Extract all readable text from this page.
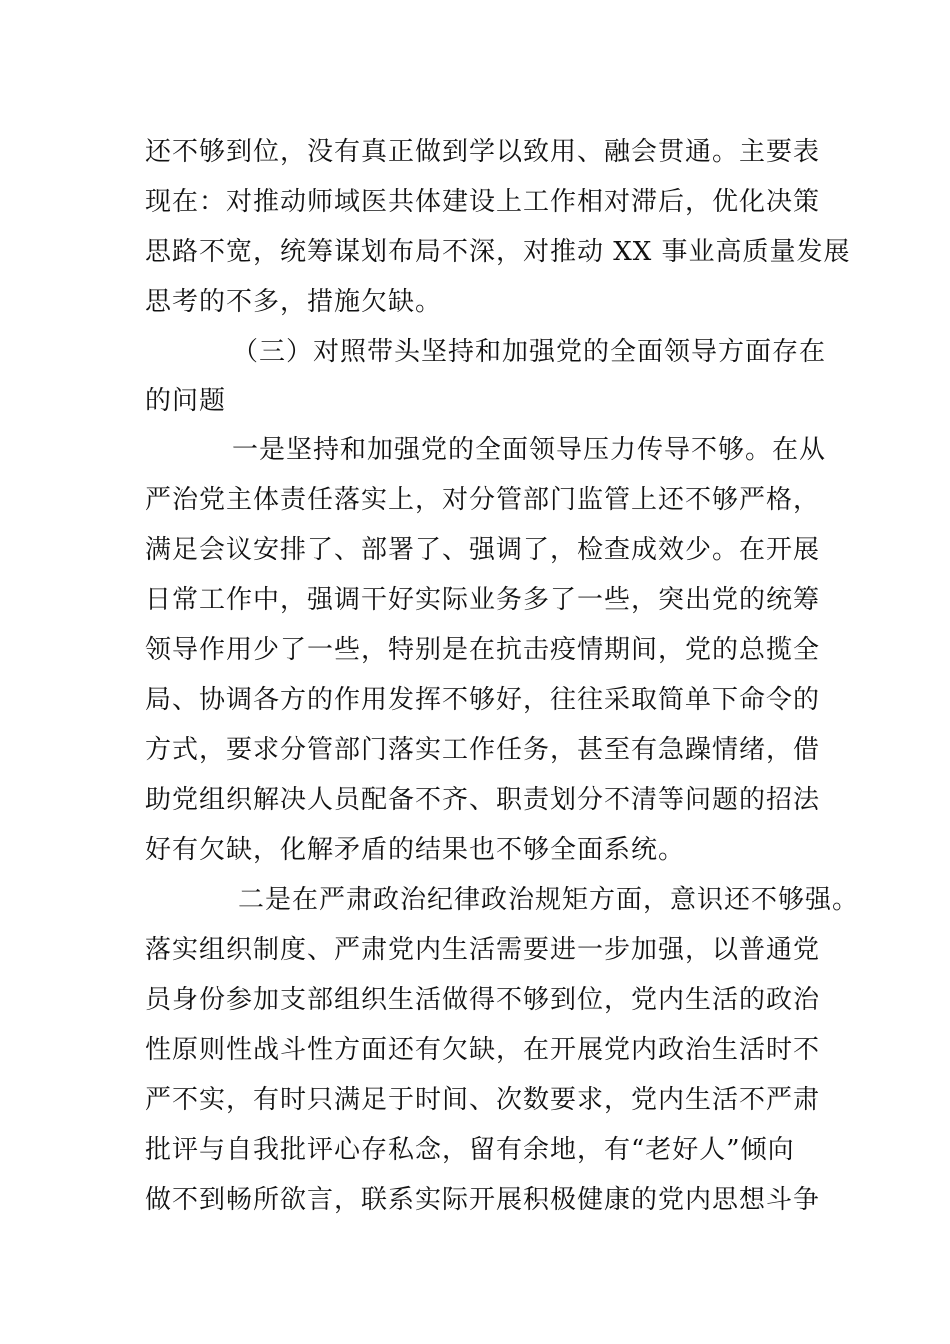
还不够到位，没有真正做到学以致用、融会贯通。主要表
现在：对推动师域医共体建设上工作相对滞后，优化决策
思路不宽，统筹谋划布局不深，对推动 XX 事业高质量发展
思考的不多，措施欠缺。
（三）对照带头坚持和加强党的全面领导方面存在
的问题
一是坚持和加强党的全面领导压力传导不够。在从
严治党主体责任落实上，对分管部门监管上还不够严格，
满足会议安排了、部署了、强调了，检查成效少。在开展
日常工作中，强调干好实际业务多了一些，突出党的统筹
领导作用少了一些，特别是在抗击疫情期间，党的总揽全
局、协调各方的作用发挥不够好，往往采取简单下命令的
方式，要求分管部门落实工作任务，甚至有急躁情绪，借
助党组织解决人员配备不齐、职责划分不清等问题的招法
好有欠缺，化解矛盾的结果也不够全面系统。
二是在严肃政治纪律政治规矩方面，意识还不够强。
落实组织制度、严肃党内生活需要进一步加强，以普通党
员身份参加支部组织生活做得不够到位，党内生活的政治
性原则性战斗性方面还有欠缺，在开展党内政治生活时不
严不实，有时只满足于时间、次数要求，党内生活不严肃
批评与自我批评心存私念，留有余地，有“老好人”倾向
做不到畅所欲言，联系实际开展积极健康的党内思想斗争
